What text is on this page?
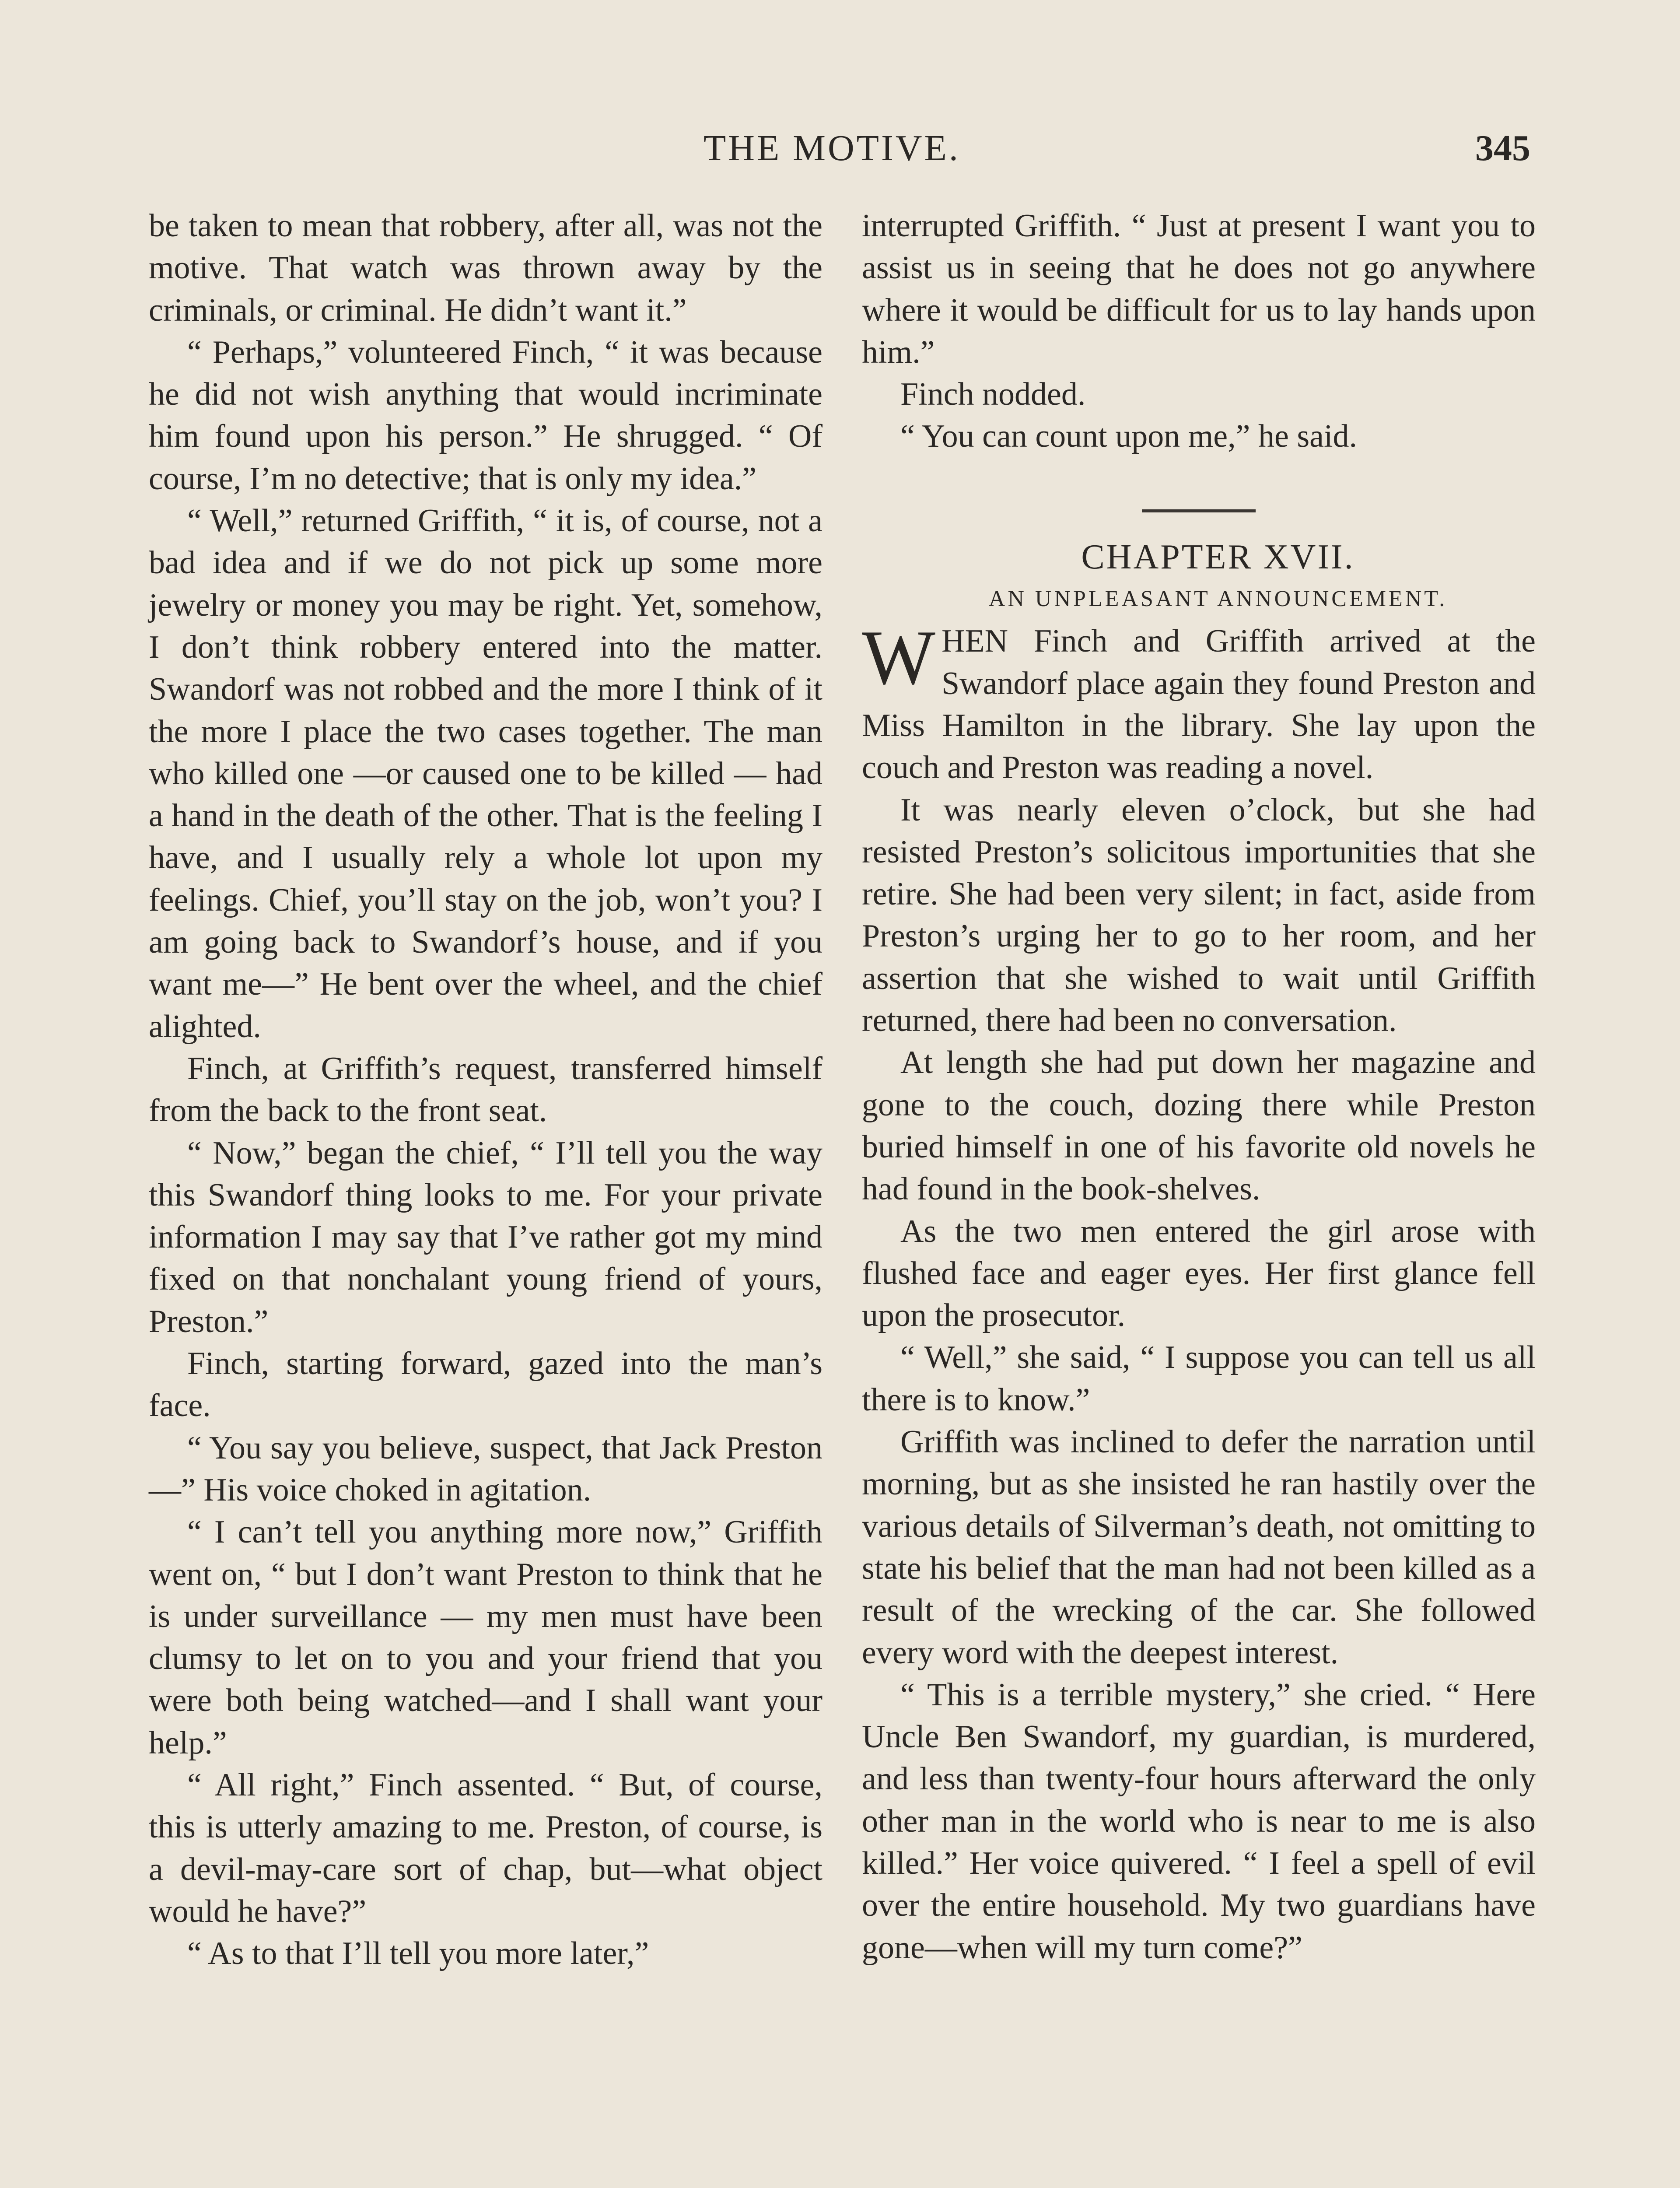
THE MOTIVE.	345

be taken to mean that robbery, after all, was not the motive. That watch was thrown away by the criminals, or criminal. He didn’t want it.”

“ Perhaps,” volunteered Finch, “ it was because he did not wish anything that would incriminate him found upon his person.” He shrugged. “ Of course, I’m no detective; that is only my idea.”

“ Well,” returned Griffith, “ it is, of course, not a bad idea and if we do not pick up some more jewelry or money you may be right. Yet, somehow, I don’t think robbery entered into the matter. Swandorf was not robbed and the more I think of it the more I place the two cases together. The man who killed one —or caused one to be killed — had a hand in the death of the other. That is the feeling I have, and I usually rely a whole lot upon my feelings. Chief, you’ll stay on the job, won’t you? I am going back to Swandorf’s house, and if you want me—” He bent over the wheel, and the chief alighted.

Finch, at Griffith’s request, transferred himself from the back to the front seat.

“ Now,” began the chief, “ I’ll tell you the way this Swandorf thing looks to me. For your private information I may say that I’ve rather got my mind fixed on that nonchalant young friend of yours, Preston.”

Finch, starting forward, gazed into the man’s face.

“ You say you believe, suspect, that Jack Preston—” His voice choked in agitation.

“ I can’t tell you anything more now,” Griffith went on, “ but I don’t want Preston to think that he is under surveillance — my men must have been clumsy to let on to you and your friend that you were both being watched—and I shall want your help.”

“ All right,” Finch assented. “ But, of course, this is utterly amazing to me. Preston, of course, is a devil-may-care sort of chap, but—what object would he have?”

“ As to that I’ll tell you more later,”

interrupted Griffith. “ Just at present I want you to assist us in seeing that he does not go anywhere where it would be difficult for us to lay hands upon him.”

Finch nodded.

“ You can count upon me,” he said.

CHAPTER XVII.

AN UNPLEASANT ANNOUNCEMENT.

WHEN Finch and Griffith arrived at the Swandorf place again they found Preston and Miss Hamilton in the library. She lay upon the couch and Preston was reading a novel.

It was nearly eleven o’clock, but she had resisted Preston’s solicitous importunities that she retire. She had been very silent; in fact, aside from Preston’s urging her to go to her room, and her assertion that she wished to wait until Griffith returned, there had been no conversation.

At length she had put down her magazine and gone to the couch, dozing there while Preston buried himself in one of his favorite old novels he had found in the book-shelves.

As the two men entered the girl arose with flushed face and eager eyes. Her first glance fell upon the prosecutor.

“ Well,” she said, “ I suppose you can tell us all there is to know.”

Griffith was inclined to defer the narration until morning, but as she insisted he ran hastily over the various details of Silverman’s death, not omitting to state his belief that the man had not been killed as a result of the wrecking of the car. She followed every word with the deepest interest.

“ This is a terrible mystery,” she cried. “ Here Uncle Ben Swandorf, my guardian, is murdered, and less than twenty-four hours afterward the only other man in the world who is near to me is also killed.” Her voice quivered. “ I feel a spell of evil over the entire household. My two guardians have gone—when will my turn come?”
